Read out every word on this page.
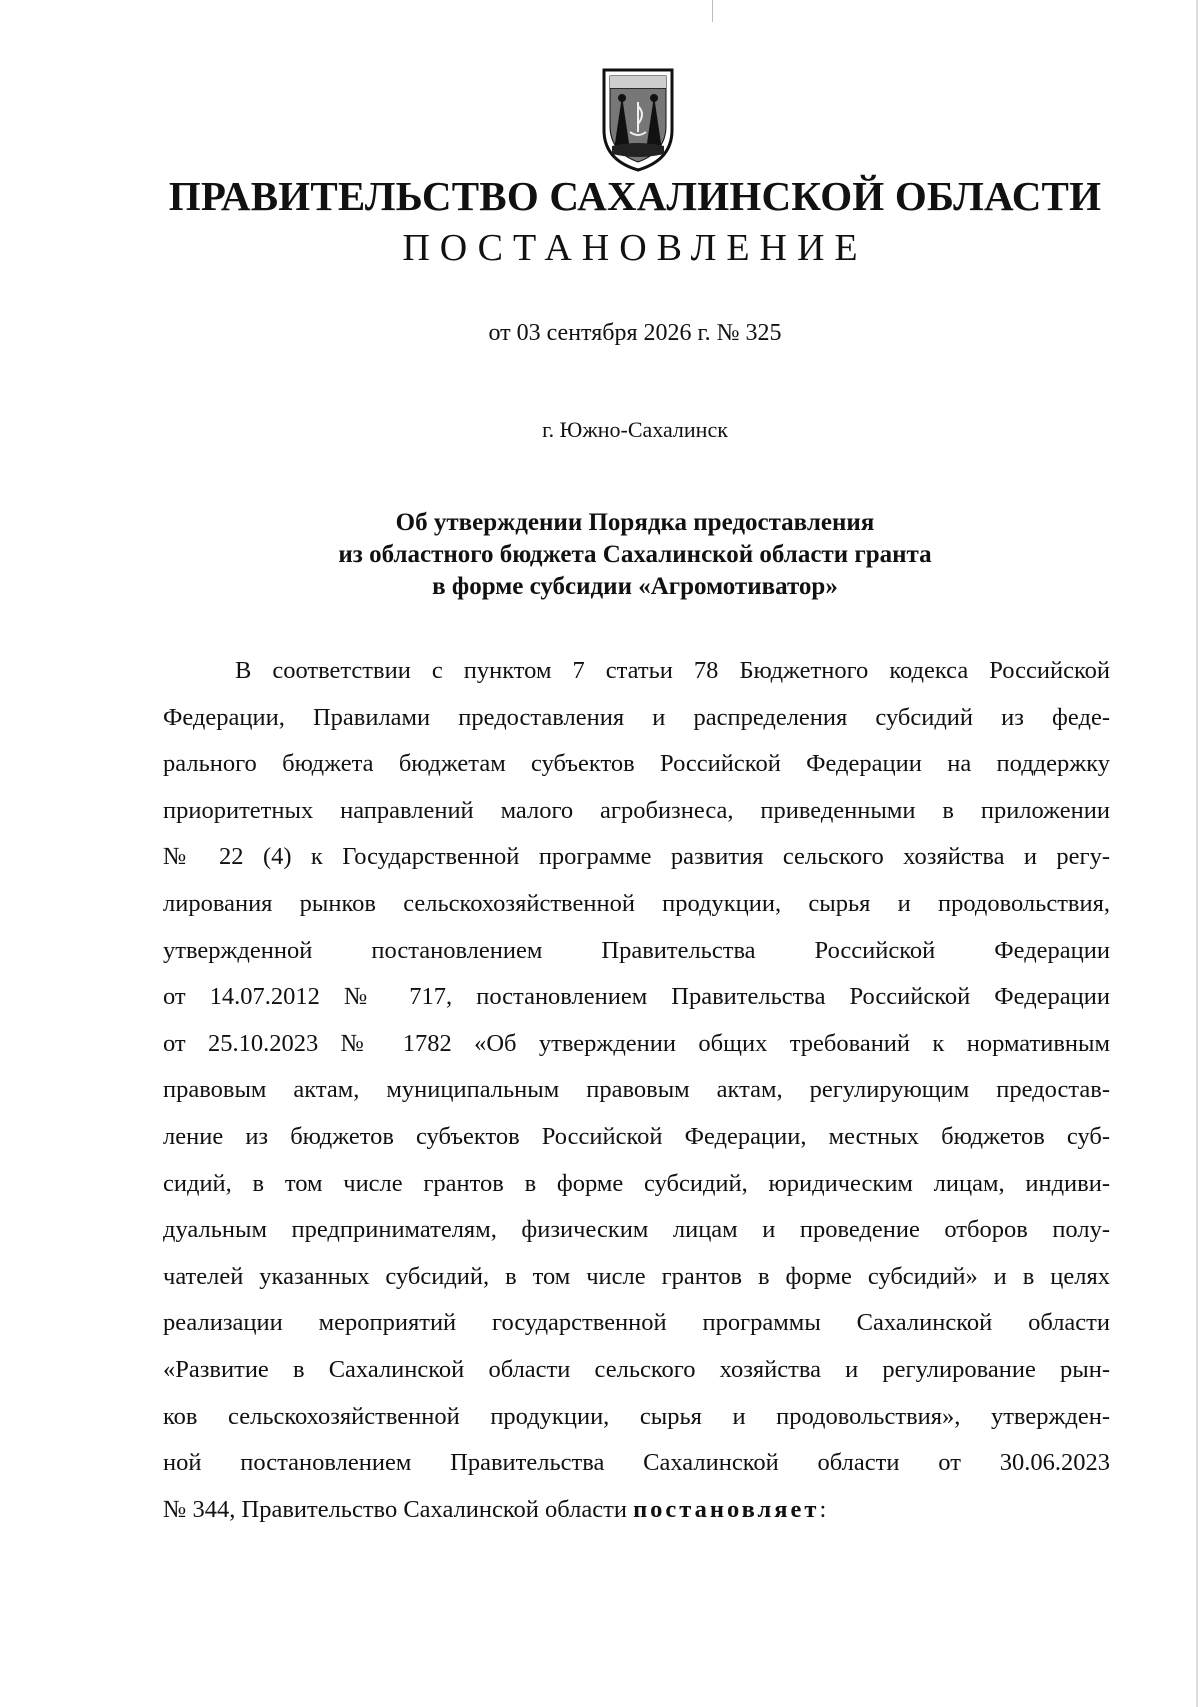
ПРАВИТЕЛЬСТВО САХАЛИНСКОЙ ОБЛАСТИ
ПОСТАНОВЛЕНИЕ
от 03 сентября 2026 г. № 325
г. Южно-Сахалинск
Об утверждении Порядка предоставления
из областного бюджета Сахалинской области гранта
в форме субсидии «Агромотиватор»
В соответствии с пунктом 7 статьи 78 Бюджетного кодекса Российской
Федерации, Правилами предоставления и распределения субсидий из феде-
рального бюджета бюджетам субъектов Российской Федерации на поддержку
приоритетных направлений малого агробизнеса, приведенными в приложении
№ 22 (4) к Государственной программе развития сельского хозяйства и регу-
лирования рынков сельскохозяйственной продукции, сырья и продовольствия,
утвержденной постановлением Правительства Российской Федерации
от 14.07.2012 № 717, постановлением Правительства Российской Федерации
от 25.10.2023 № 1782 «Об утверждении общих требований к нормативным
правовым актам, муниципальным правовым актам, регулирующим предостав-
ление из бюджетов субъектов Российской Федерации, местных бюджетов суб-
сидий, в том числе грантов в форме субсидий, юридическим лицам, индиви-
дуальным предпринимателям, физическим лицам и проведение отборов полу-
чателей указанных субсидий, в том числе грантов в форме субсидий» и в целях
реализации мероприятий государственной программы Сахалинской области
«Развитие в Сахалинской области сельского хозяйства и регулирование рын-
ков сельскохозяйственной продукции, сырья и продовольствия», утвержден-
ной постановлением Правительства Сахалинской области от 30.06.2023
№ 344, Правительство Сахалинской области постановляет:
